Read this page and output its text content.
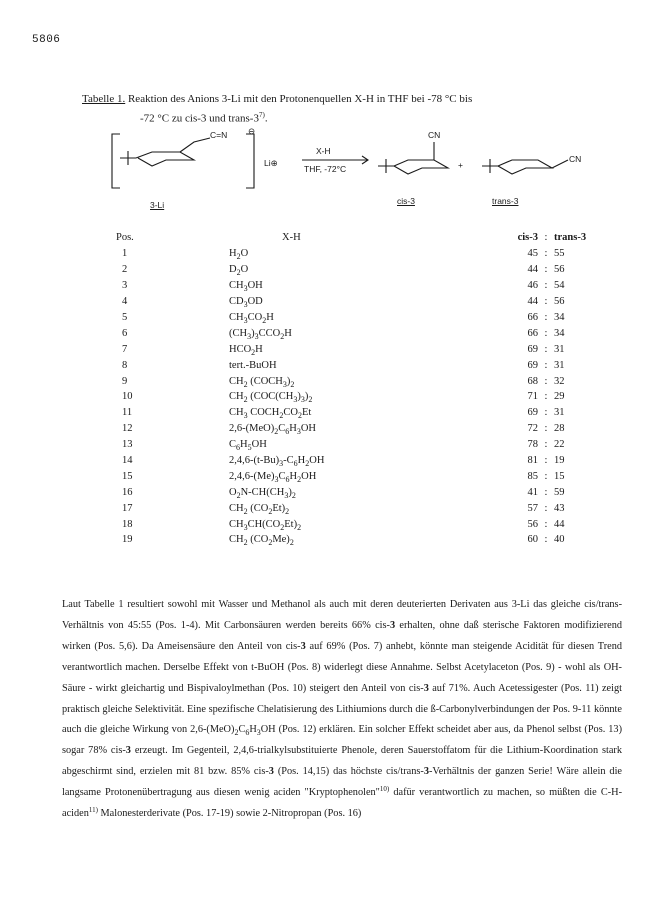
5806
Tabelle 1. Reaktion des Anions 3-Li mit den Protonenquellen X-H in THF bei -78 °C bis
-72 °C zu cis-3 und trans-3$^{7)}$.
⊖
Li⊕
C=N
X-H
THF, -72°C	+
CN
CN
3-Li	cis-3	trans-3
Pos.	X-H	cis-3	:	trans-3
1	$H_2O$	45	:	55
2	$D_2O$	44	:	56
3	$CH_3OH$	46	:	54
4	$CD_3OD$	44	:	56
5	$CH_3CO_2H$	66	:	34
6	$(CH_3)_3CCO_2H$	66	:	34
7	$HCO_2H$	69	:	31
8	tert.-BuOH	69	:	31
9	$CH_2$ $(COCH_3)_2$	68	:	32
10	$CH_2$ $(COC(CH_3)_3)_2$	71	:	29
11	$CH_3$ $COCH_2CO_2Et$	69	:	31
12	$2,6-(MeO)_2C_6H_3OH$	72	:	28
13	$C_6H_5OH$	78	:	22
14	$2,4,6-(t-Bu)_3-C_6H_2OH$	81	:	19
15	$2,4,6-(Me)_3C_6H_2OH$	85	:	15
16	$O_2N-CH(CH_3)_2$	41	:	59
17	$CH_2$ $(CO_2Et)_2$	57	:	43
18	$CH_3CH(CO_2Et)_2$	56	:	44
19	$CH_2$ $(CO_2Me)_2$	60	:	40

Laut Tabelle 1 resultiert sowohl mit Wasser und Methanol als auch mit deren deuterierten Derivaten aus 3-Li das gleiche cis/trans-Verhältnis von 45:55 (Pos. 1-4). Mit Carbonsäuren werden bereits 66% cis-3 erhalten, ohne daß sterische Faktoren modifizierend wirken (Pos. 5,6). Da Ameisensäure den Anteil von cis-3 auf 69% (Pos. 7) anhebt, könnte man steigende Acidität für diesen Trend verantwortlich machen. Derselbe Effekt von t-BuOH (Pos. 8) widerlegt diese Annahme. Selbst Acetylaceton (Pos. 9) - wohl als OH-Säure - wirkt gleichartig und Bispivaloylmethan (Pos. 10) steigert den Anteil von cis-3 auf 71%. Auch Acetessigester (Pos. 11) zeigt praktisch gleiche Selektivität. Eine spezifische Chelatisierung des Lithiumions durch die ß-Carbonylverbindungen der Pos. 9-11 könnte auch die gleiche Wirkung von $2,6-(MeO)_2C_6H_3OH$ (Pos. 12) erklären. Ein solcher Effekt scheidet aber aus, da Phenol selbst (Pos. 13) sogar 78% cis-3 erzeugt. Im Gegenteil, 2,4,6-trialkylsubstituierte Phenole, deren Sauerstoffatom für die Lithium-Koordination stark abgeschirmt sind, erzielen mit 81 bzw. 85% cis-3 (Pos. 14,15) das höchste cis/trans-3-Verhältnis der ganzen Serie! Wäre allein die langsame Protonenübertragung aus diesen wenig aciden "Kryptophenolen"$^{10)}$ dafür verantwortlich zu machen, so müßten die C-H-aciden$^{11)}$ Malonesterderivate (Pos. 17-19) sowie 2-Nitropropan (Pos. 16)
